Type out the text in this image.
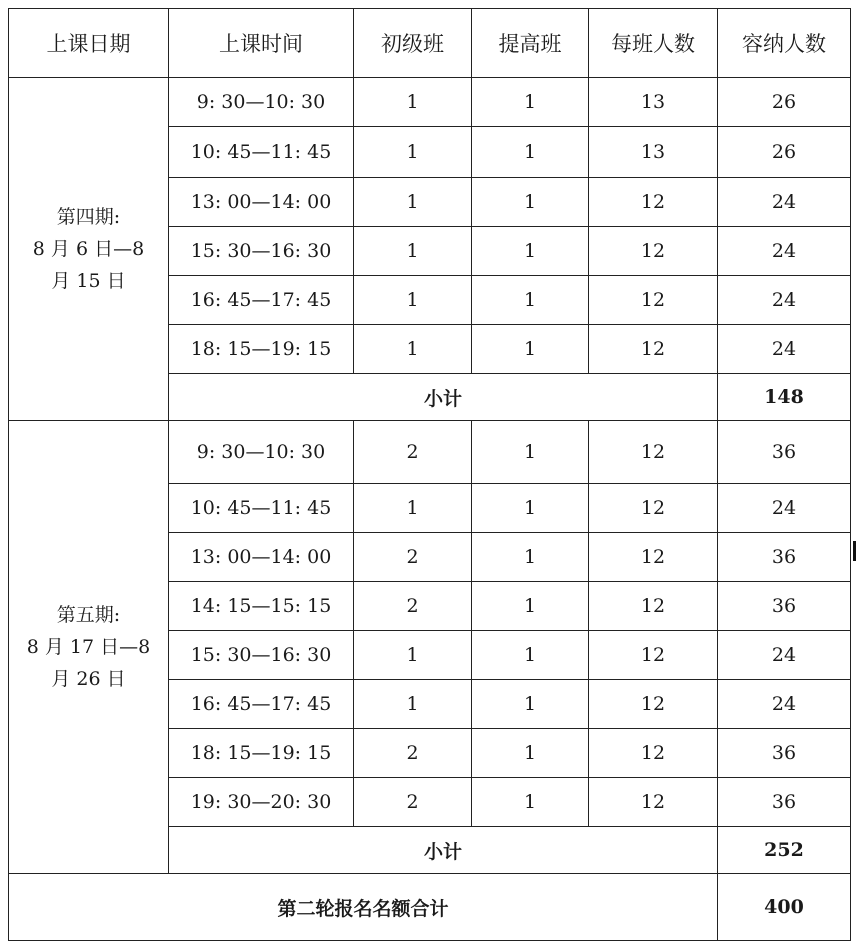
上课日期	上课时间	初级班	提高班	每班人数	容纳人数

第四期:
8 月 6 日—8
月 15 日	9: 30—10: 30	1	1	13	26
	10: 45—11: 45	1	1	13	26
	13: 00—14: 00	1	1	12	24
	15: 30—16: 30	1	1	12	24
	16: 45—17: 45	1	1	12	24
	18: 15—19: 15	1	1	12	24
	小计				148

第五期:
8 月 17 日—8
月 26 日	9: 30—10: 30	2	1	12	36
	10: 45—11: 45	1	1	12	24
	13: 00—14: 00	2	1	12	36
	14: 15—15: 15	2	1	12	36
	15: 30—16: 30	1	1	12	24
	16: 45—17: 45	1	1	12	24
	18: 15—19: 15	2	1	12	36
	19: 30—20: 30	2	1	12	36
	小计				252
第二轮报名名额合计					400
